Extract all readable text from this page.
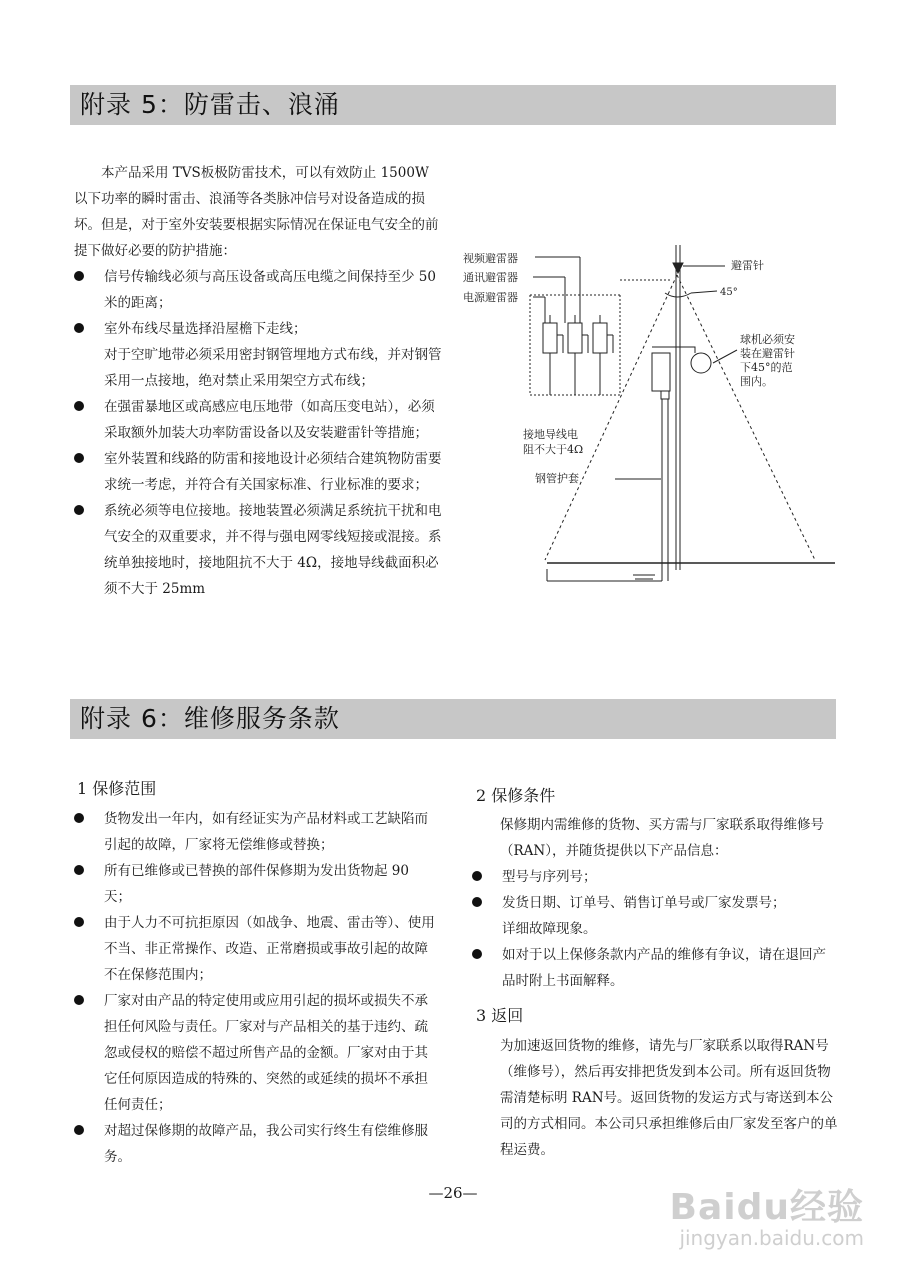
附录 5：防雷击、浪涌

本产品采用 TVS板极防雷技术，可以有效防止 1500W 以下功率的瞬时雷击、浪涌等各类脉冲信号对设备造成的损坏。但是，对于室外安装要根据实际情况在保证电气安全的前提下做好必要的防护措施：

信号传输线必须与高压设备或高压电缆之间保持至少 50米的距离；
室外布线尽量选择沿屋檐下走线；

对于空旷地带必须采用密封钢管埋地方式布线，并对钢管采用一点接地，绝对禁止采用架空方式布线；

在强雷暴地区或高感应电压地带（如高压变电站），必须采取额外加装大功率防雷设备以及安装避雷针等措施；
室外装置和线路的防雷和接地设计必须结合建筑物防雷要求统一考虑，并符合有关国家标准、行业标准的要求；
系统必须等电位接地。接地装置必须满足系统抗干扰和电气安全的双重要求，并不得与强电网零线短接或混接。系统单独接地时，接地阻抗不大于 4Ω，接地导线截面积必须不大于 25mm
视频避雷器
通讯避雷器
电源避雷器
避雷针
45°
球机必须安
装在避雷针
下45°的范
围内。
接地导线电
阻不大于4Ω
钢管护套
附录 6：维修服务条款
1 保修范围
货物发出一年内，如有经证实为产品材料或工艺缺陷而引起的故障，厂家将无偿维修或替换；
所有已维修或已替换的部件保修期为发出货物起 90 天；
由于人力不可抗拒原因（如战争、地震、雷击等）、使用不当、非正常操作、改造、正常磨损或事故引起的故障不在保修范围内；
厂家对由产品的特定使用或应用引起的损坏或损失不承担任何风险与责任。厂家对与产品相关的基于违约、疏忽或侵权的赔偿不超过所售产品的金额。厂家对由于其它任何原因造成的特殊的、突然的或延续的损坏不承担任何责任；
对超过保修期的故障产品，我公司实行终生有偿维修服务。
2 保修条件

保修期内需维修的货物、买方需与厂家联系取得维修号（RAN），并随货提供以下产品信息：

型号与序列号；
发货日期、订单号、销售订单号或厂家发票号；

详细故障现象。

如对于以上保修条款内产品的维修有争议，请在退回产品时附上书面解释。
3 返回
为加速返回货物的维修，请先与厂家联系以取得RAN号（维修号），然后再安排把货发到本公司。所有返回货物需清楚标明 RAN号。返回货物的发运方式与寄送到本公司的方式相同。本公司只承担维修后由厂家发至客户的单程运费。
—26—	Baidu经验
jingyan.baidu.com
